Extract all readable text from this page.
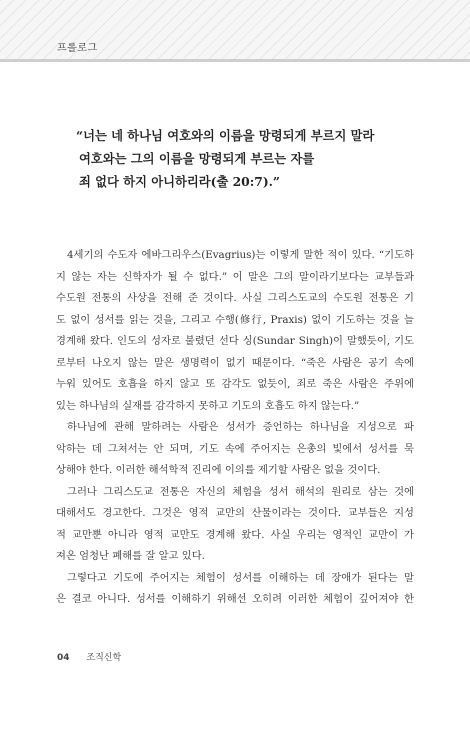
프롤로그
“너는 네 하나님 여호와의 이름을 망령되게 부르지 말라
여호와는 그의 이름을 망령되게 부르는 자를
죄 없다 하지 아니하리라(출 20:7).”
4세기의 수도자 에바그리우스(Evagrius)는 이렇게 말한 적이 있다. “기도하
지 않는 자는 신학자가 될 수 없다.” 이 말은 그의 말이라기보다는 교부들과
수도원 전통의 사상을 전해 준 것이다. 사실 그리스도교의 수도원 전통은 기
도 없이 성서를 읽는 것을, 그리고 수행(修行, Praxis) 없이 기도하는 것을 늘
경계해 왔다. 인도의 성자로 불렸던 선다 싱(Sundar Singh)이 말했듯이, 기도
로부터 나오지 않는 말은 생명력이 없기 때문이다. “죽은 사람은 공기 속에
누워 있어도 호흡을 하지 않고 또 감각도 없듯이, 죄로 죽은 사람은 주위에
있는 하나님의 실재를 감각하지 못하고 기도의 호흡도 하지 않는다.”
하나님에 관해 말하려는 사람은 성서가 증언하는 하나님을 지성으로 파
악하는 데 그쳐서는 안 되며, 기도 속에 주어지는 은총의 빛에서 성서를 묵
상해야 한다. 이러한 해석학적 진리에 이의를 제기할 사람은 없을 것이다.
그러나 그리스도교 전통은 자신의 체험을 성서 해석의 원리로 삼는 것에
대해서도 경고한다. 그것은 영적 교만의 산물이라는 것이다. 교부들은 지성
적 교만뿐 아니라 영적 교만도 경계해 왔다. 사실 우리는 영적인 교만이 가
져온 엄청난 폐해를 잘 알고 있다.
그렇다고 기도에 주어지는 체험이 성서를 이해하는 데 장애가 된다는 말
은 결코 아니다. 성서를 이해하기 위해선 오히려 이러한 체험이 깊어져야 한
04 조직신학
